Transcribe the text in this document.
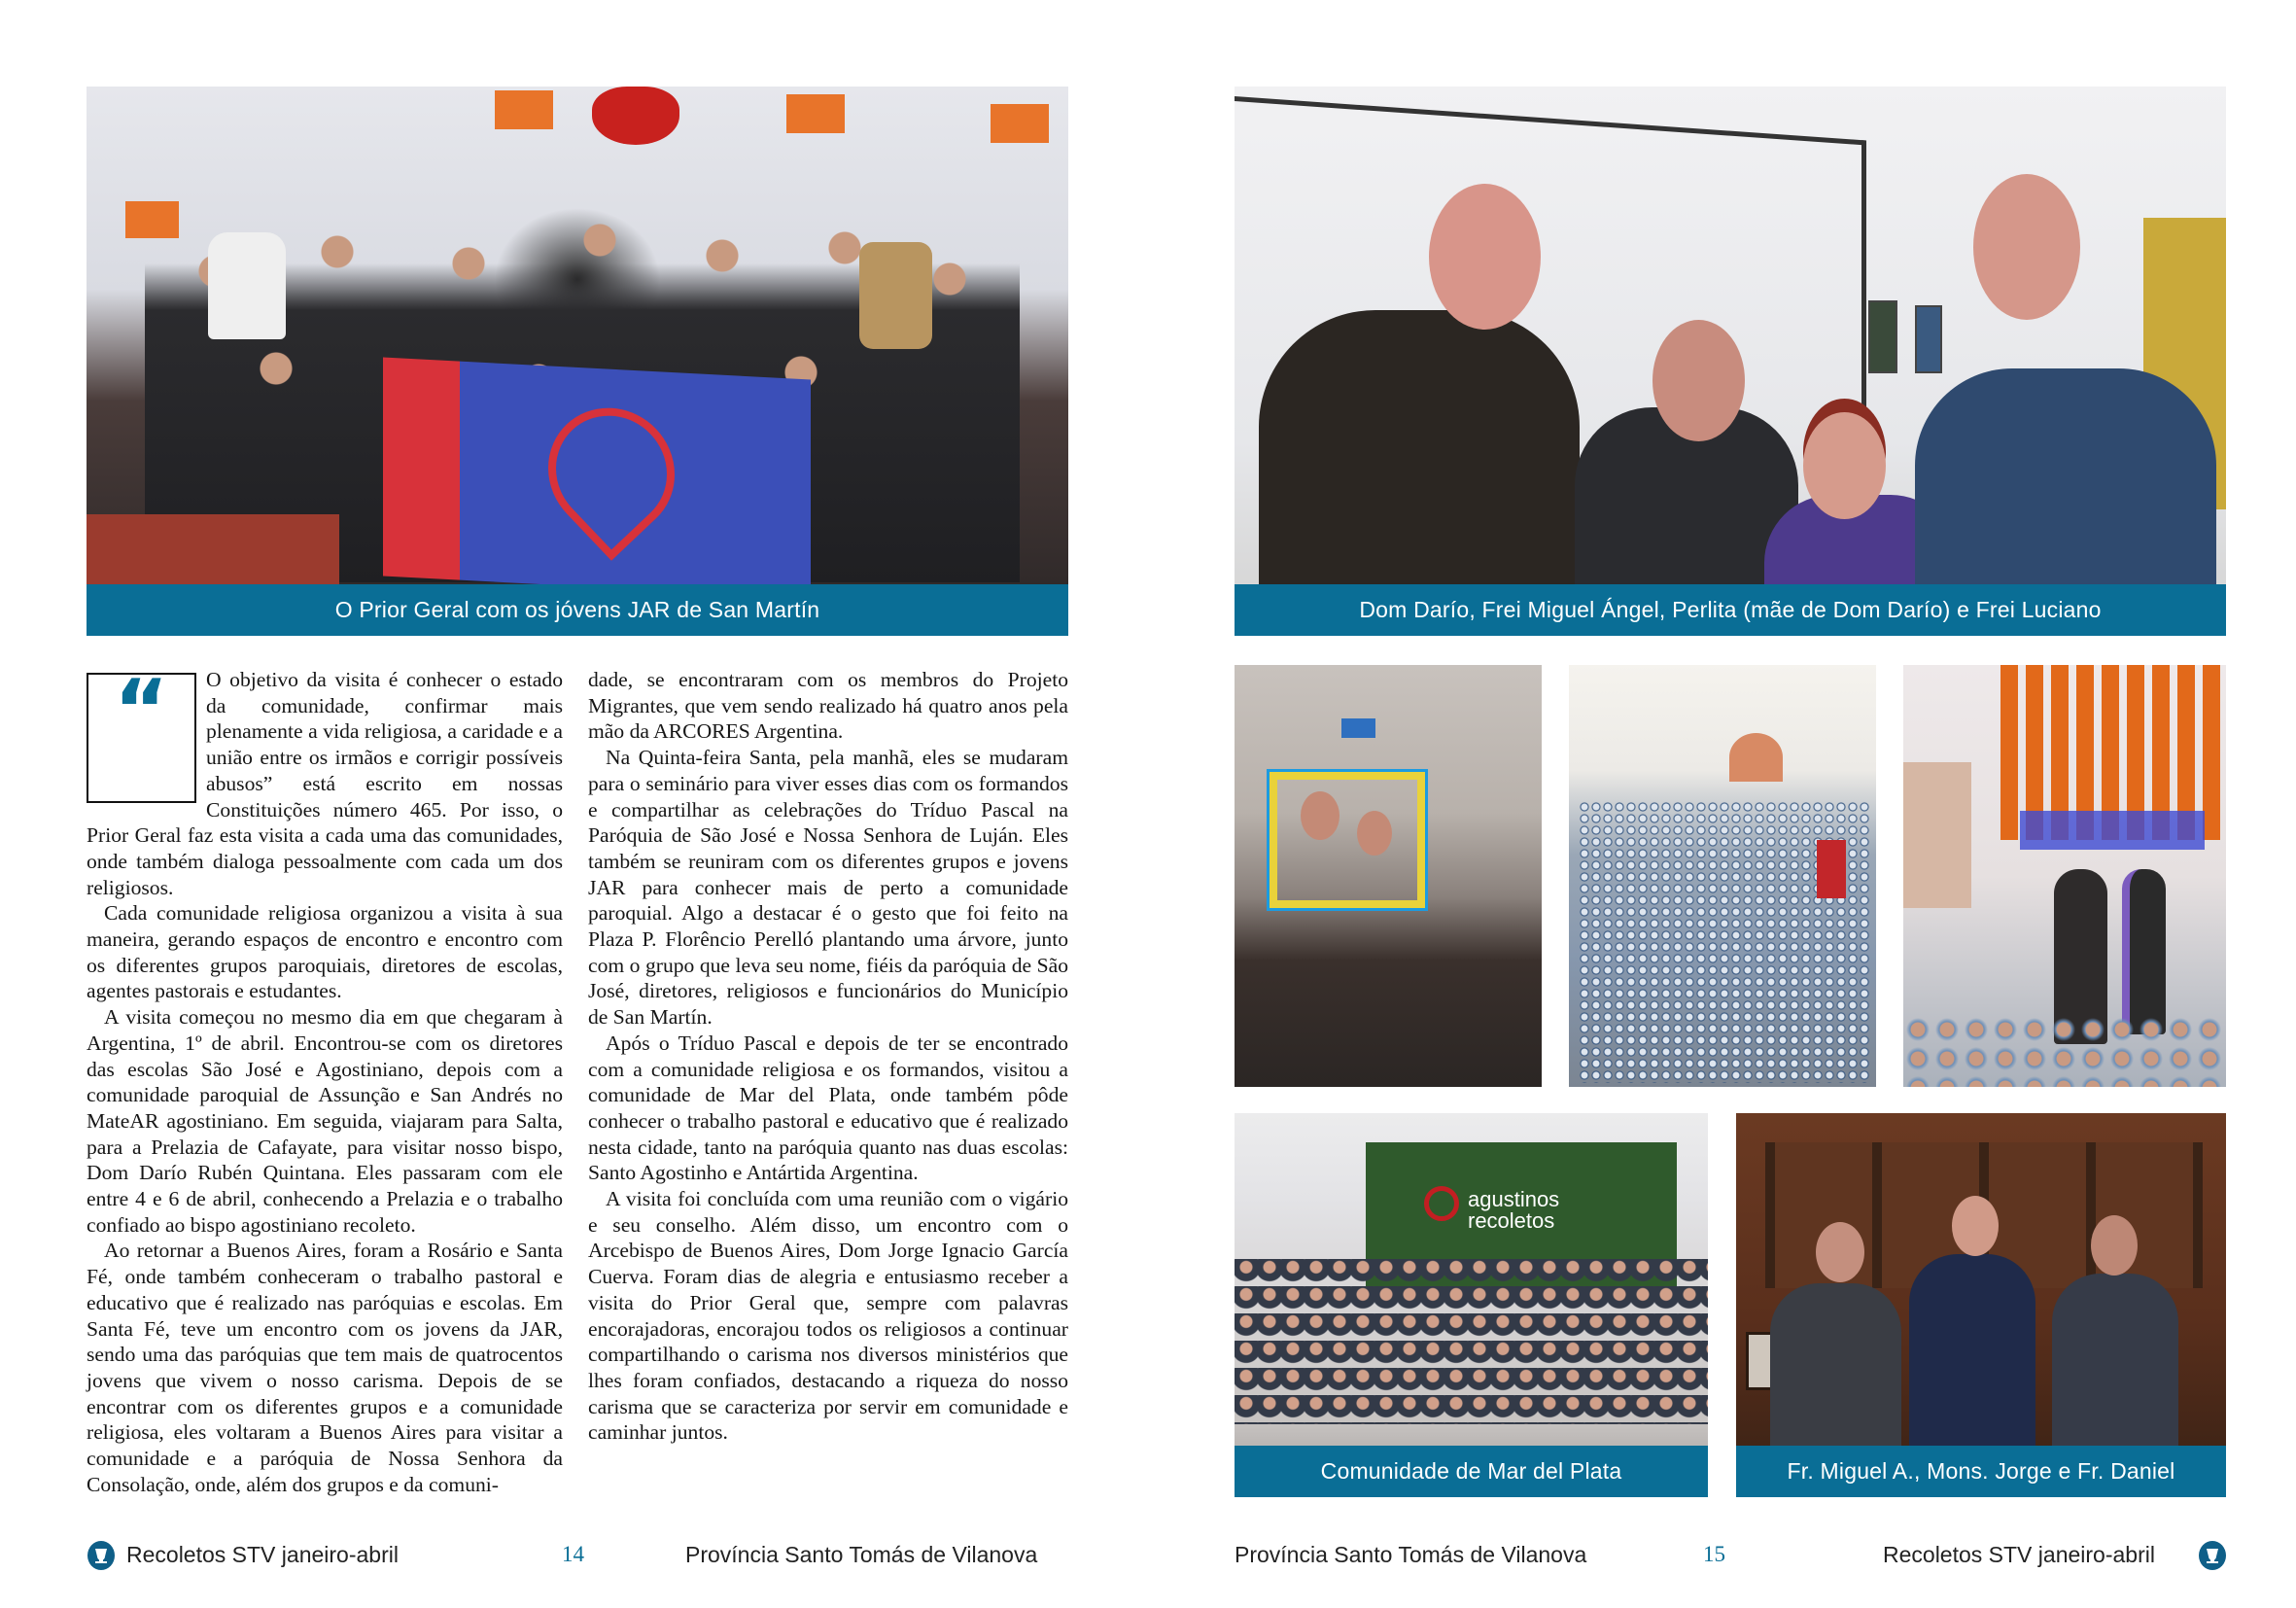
O Prior Geral com os jóvens JAR de San Martín
“	O objetivo da visita é conhecer o estado da comunidade, confirmar mais plenamente a vida religiosa, a caridade e a união entre os irmãos e corrigir possíveis abusos” está escrito em nossas Constituições número 465. Por isso, o Prior Geral faz esta visita a cada uma das comunidades, onde também dialoga pessoalmente com cada um dos religiosos.

Cada comunidade religiosa organizou a visita à sua maneira, gerando espaços de encontro e encontro com os diferentes grupos paroquiais, diretores de escolas, agentes pastorais e estudantes.

A visita começou no mesmo dia em que chegaram à Argentina, 1º de abril. Encontrou-se com os diretores das escolas São José e Agostiniano, depois com a comunidade paroquial de Assunção e San Andrés no MateAR agostiniano. Em seguida, viajaram para Salta, para a Prelazia de Cafayate, para visitar nosso bispo, Dom Darío Rubén Quintana. Eles passaram com ele entre 4 e 6 de abril, conhecendo a Prelazia e o trabalho confiado ao bispo agostiniano recoleto.

Ao retornar a Buenos Aires, foram a Rosário e Santa Fé, onde também conheceram o trabalho pastoral e educativo que é realizado nas paróquias e escolas. Em Santa Fé, teve um encontro com os jovens da JAR, sendo uma das paróquias que tem mais de quatrocentos jovens que vivem o nosso carisma. Depois de se encontrar com os diferentes grupos e a comunidade religiosa, eles voltaram a Buenos Aires para visitar a comunidade e a paróquia de Nossa Senhora da Consolação, onde, além dos grupos e da comuni-

dade, se encontraram com os membros do Projeto Migrantes, que vem sendo realizado há quatro anos pela mão da ARCORES Argentina.

Na Quinta-feira Santa, pela manhã, eles se mudaram para o seminário para viver esses dias com os formandos e compartilhar as celebrações do Tríduo Pascal na Paróquia de São José e Nossa Senhora de Luján. Eles também se reuniram com os diferentes grupos e jovens JAR para conhecer mais de perto a comunidade paroquial. Algo a destacar é o gesto que foi feito na Plaza P. Florêncio Perelló plantando uma árvore, junto com o grupo que leva seu nome, fiéis da paróquia de São José, diretores, religiosos e funcionários do Município de San Martín.

Após o Tríduo Pascal e depois de ter se encontrado com a comunidade religiosa e os formandos, visitou a comunidade de Mar del Plata, onde também pôde conhecer o trabalho pastoral e educativo que é realizado nesta cidade, tanto na paróquia quanto nas duas escolas: Santo Agostinho e Antártida Argentina.

A visita foi concluída com uma reunião com o vigário e seu conselho. Além disso, um encontro com o Arcebispo de Buenos Aires, Dom Jorge Ignacio García Cuerva. Foram dias de alegria e entusiasmo receber a visita do Prior Geral que, sempre com palavras encorajadoras, encorajou todos os religiosos a continuar compartilhando o carisma nos diversos ministérios que lhes foram confiados, destacando a riqueza do nosso carisma que se caracteriza por servir em comunidade e caminhar juntos.

Recoletos STV janeiro-abril	14	Província Santo Tomás de Vilanova
Dom Darío, Frei Miguel Ángel, Perlita (mãe de Dom Darío) e Frei Luciano
agustinos recoletos
Comunidade de Mar del Plata	Fr. Miguel A., Mons. Jorge e Fr. Daniel
Província Santo Tomás de Vilanova	15	Recoletos STV janeiro-abril
